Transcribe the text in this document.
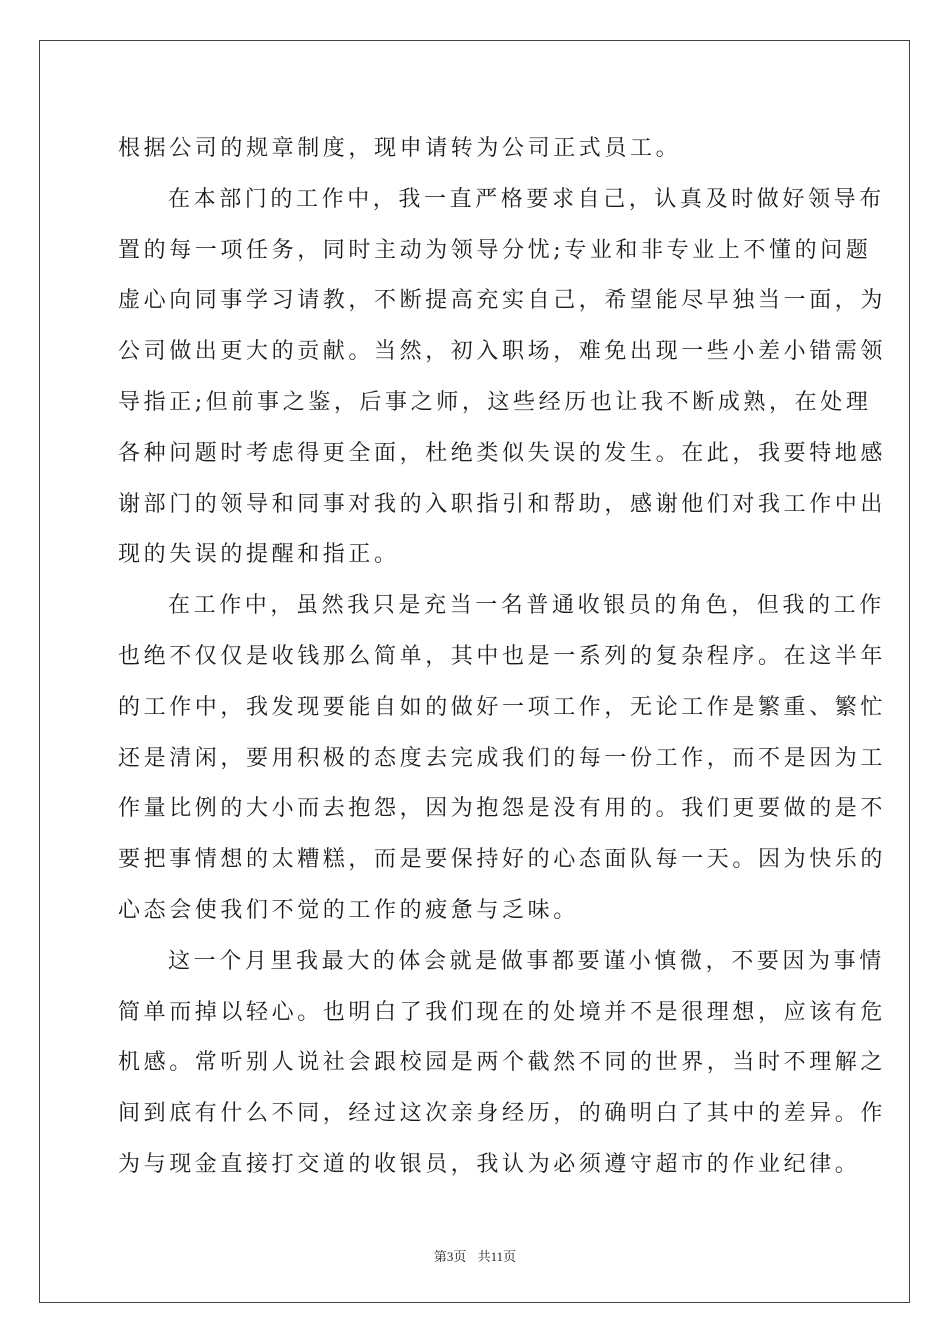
根据公司的规章制度，现申请转为公司正式员工。
在本部门的工作中，我一直严格要求自己，认真及时做好领导布
置的每一项任务，同时主动为领导分忧;专业和非专业上不懂的问题
虚心向同事学习请教，不断提高充实自己，希望能尽早独当一面，为
公司做出更大的贡献。当然，初入职场，难免出现一些小差小错需领
导指正;但前事之鉴，后事之师，这些经历也让我不断成熟，在处理
各种问题时考虑得更全面，杜绝类似失误的发生。在此，我要特地感
谢部门的领导和同事对我的入职指引和帮助，感谢他们对我工作中出
现的失误的提醒和指正。
在工作中，虽然我只是充当一名普通收银员的角色，但我的工作
也绝不仅仅是收钱那么简单，其中也是一系列的复杂程序。在这半年
的工作中，我发现要能自如的做好一项工作，无论工作是繁重、繁忙
还是清闲，要用积极的态度去完成我们的每一份工作，而不是因为工
作量比例的大小而去抱怨，因为抱怨是没有用的。我们更要做的是不
要把事情想的太糟糕，而是要保持好的心态面队每一天。因为快乐的
心态会使我们不觉的工作的疲惫与乏味。
这一个月里我最大的体会就是做事都要谨小慎微，不要因为事情
简单而掉以轻心。也明白了我们现在的处境并不是很理想，应该有危
机感。常听别人说社会跟校园是两个截然不同的世界，当时不理解之
间到底有什么不同，经过这次亲身经历，的确明白了其中的差异。作
为与现金直接打交道的收银员，我认为必须遵守超市的作业纪律。
第3页 共11页
